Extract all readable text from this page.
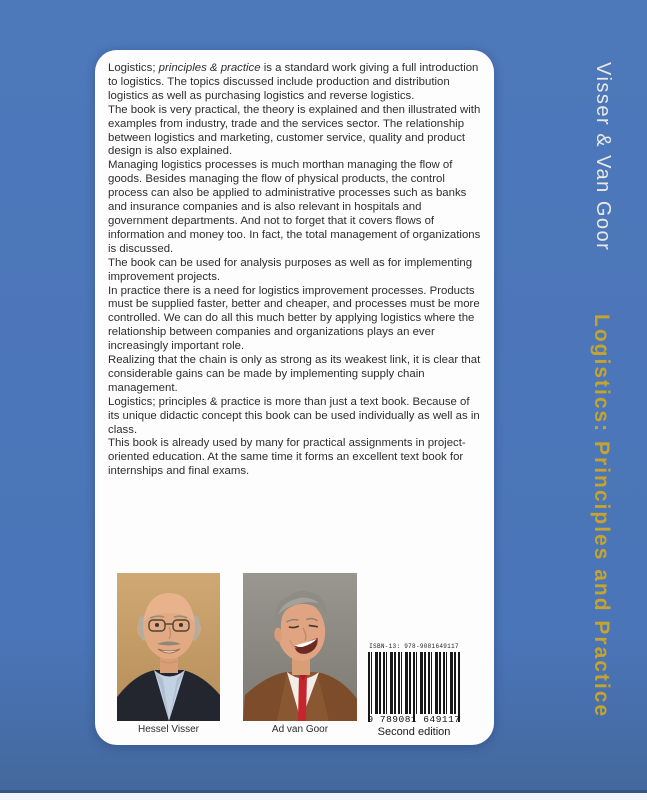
Visser & Van Goor
Logistics: Principles and Practice

Logistics; principles & practice is a standard work giving a full introduction to logistics. The topics discussed include production and distribution logistics as well as purchasing logistics and reverse logistics.

The book is very practical, the theory is explained and then illustrated with examples from industry, trade and the services sector. The relationship between logistics and marketing, customer service, quality and product design is also explained.

Managing logistics processes is much morthan managing the flow of goods. Besides managing the flow of physical products, the control process can also be applied to administrative processes such as banks and insurance companies and is also relevant in hospitals and government departments. And not to forget that it covers flows of information and money too. In fact, the total management of organizations is discussed.

The book can be used for analysis purposes as well as for implementing improvement projects.

In practice there is a need for logistics improvement processes. Products must be supplied faster, better and cheaper, and processes must be more controlled. We can do all this much better by applying logistics where the relationship between companies and organizations plays an ever increasingly important role.

Realizing that the chain is only as strong as its weakest link, it is clear that considerable gains can be made by implementing supply chain management.

Logistics; principles & practice is more than just a text book. Because of its unique didactic concept this book can be used individually as well as in class.

This book is already used by many for practical assignments in project-oriented education. At the same time it forms an excellent text book for internships and final exams.

Hessel Visser	Ad van Goor
ISBN-13: 978-9081649117
9 789081 649117
Second edition
